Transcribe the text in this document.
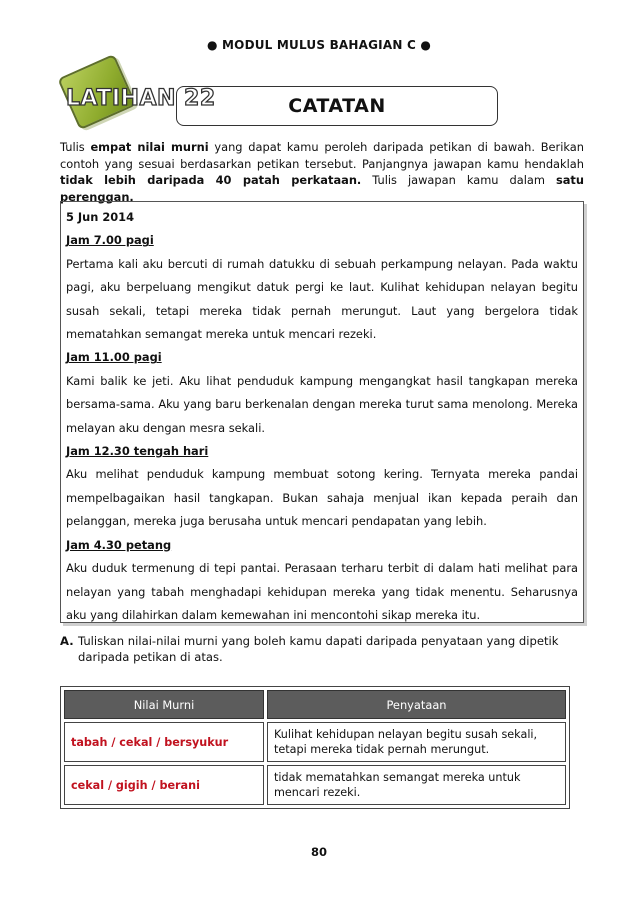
● MODUL MULUS BAHAGIAN C ●
LATIHAN 22	CATATAN
Tulis empat nilai murni yang dapat kamu peroleh daripada petikan di bawah. Berikan contoh yang sesuai berdasarkan petikan tersebut. Panjangnya jawapan kamu hendaklah tidak lebih daripada 40 patah perkataan. Tulis jawapan kamu dalam satu perenggan.

5 Jun 2014

Jam 7.00 pagi

Pertama kali aku bercuti di rumah datukku di sebuah perkampung nelayan. Pada waktu pagi, aku berpeluang mengikut datuk pergi ke laut. Kulihat kehidupan nelayan begitu susah sekali, tetapi mereka tidak pernah merungut. Laut yang bergelora tidak mematahkan semangat mereka untuk mencari rezeki.

Jam 11.00 pagi

Kami balik ke jeti. Aku lihat penduduk kampung mengangkat hasil tangkapan mereka bersama-sama. Aku yang baru berkenalan dengan mereka turut sama menolong. Mereka melayan aku dengan mesra sekali.

Jam 12.30 tengah hari

Aku melihat penduduk kampung membuat sotong kering. Ternyata mereka pandai mempelbagaikan hasil tangkapan. Bukan sahaja menjual ikan kepada peraih dan pelanggan, mereka juga berusaha untuk mencari pendapatan yang lebih.

Jam 4.30 petang

Aku duduk termenung di tepi pantai. Perasaan terharu terbit di dalam hati melihat para nelayan yang tabah menghadapi kehidupan mereka yang tidak menentu. Seharusnya aku yang dilahirkan dalam kemewahan ini mencontohi sikap mereka itu.

A. Tuliskan nilai-nilai murni yang boleh kamu dapati daripada penyataan yang dipetik
daripada petikan di atas.
Nilai Murni	Penyataan
tabah / cekal / bersyukur	Kulihat kehidupan nelayan begitu susah sekali, tetapi mereka tidak pernah merungut.
cekal / gigih / berani	tidak mematahkan semangat mereka untuk mencari rezeki.
80
